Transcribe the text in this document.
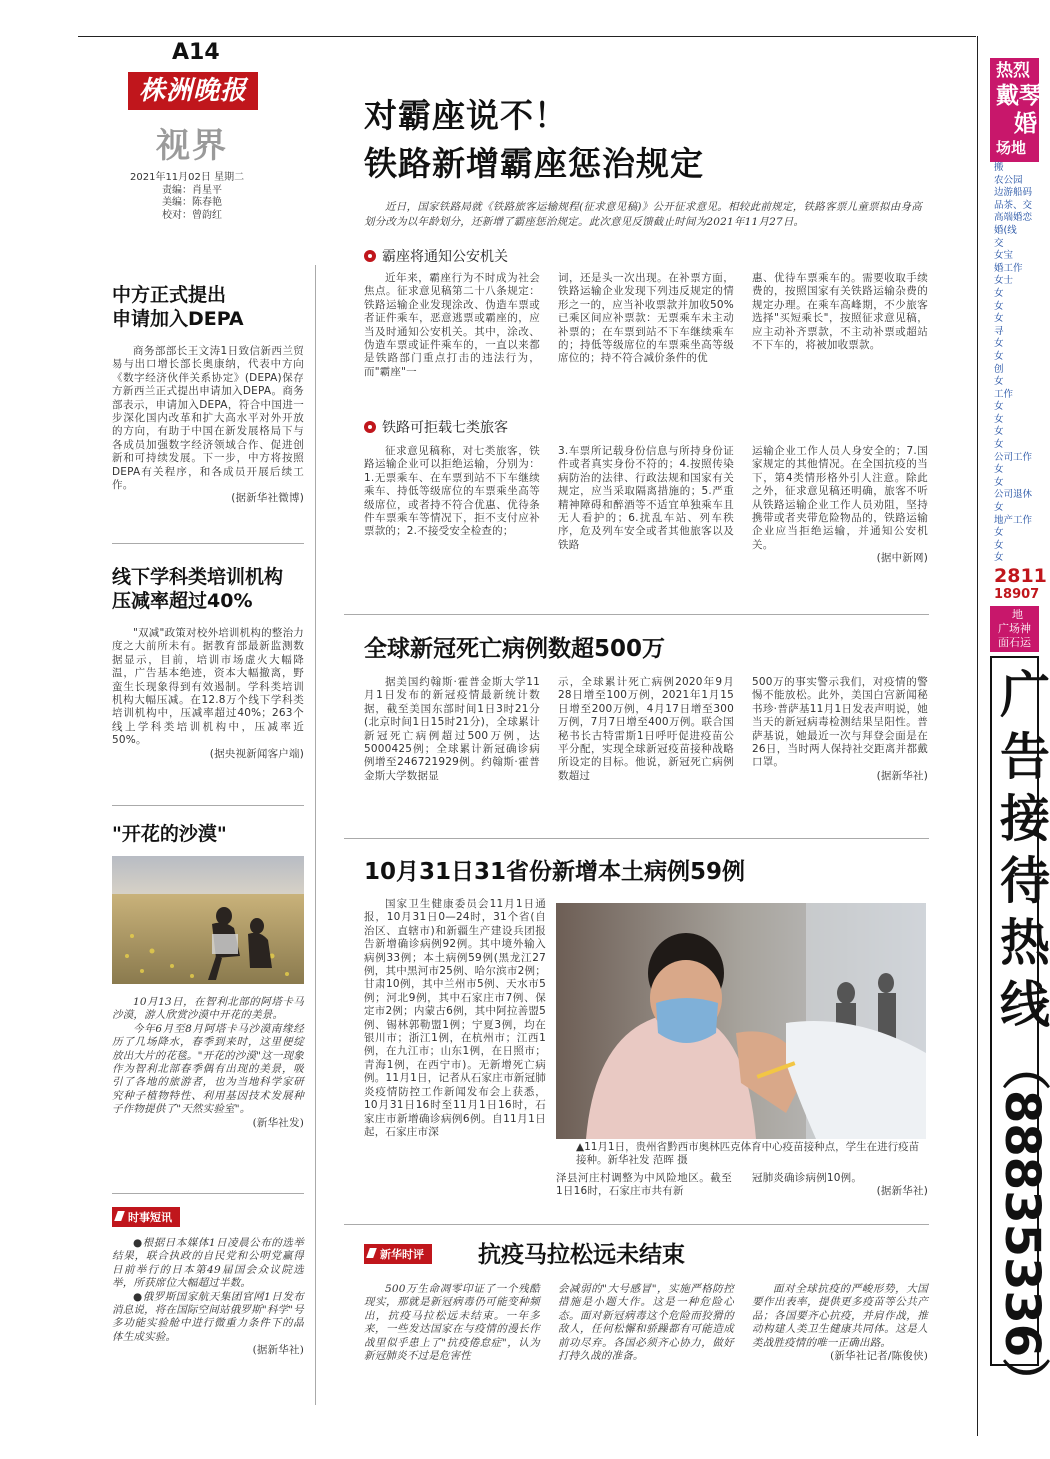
A14
株洲晚报
视界
2021年11月02日 星期二
责编：肖星平
美编：陈春艳
校对：曾韵红
中方正式提出
申请加入DEPA

商务部部长王文涛1日致信新西兰贸易与出口增长部长奥康纳，代表中方向《数字经济伙伴关系协定》(DEPA)保存方新西兰正式提出申请加入DEPA。商务部表示，申请加入DEPA，符合中国进一步深化国内改革和扩大高水平对外开放的方向，有助于中国在新发展格局下与各成员加强数字经济领域合作、促进创新和可持续发展。下一步，中方将按照DEPA有关程序，和各成员开展后续工作。

(据新华社微博)
线下学科类培训机构
压减率超过40%

"双减"政策对校外培训机构的整治力度之大前所未有。据教育部最新监测数据显示，目前，培训市场虚火大幅降温，广告基本绝迹，资本大幅撤离，野蛮生长现象得到有效遏制。学科类培训机构大幅压减。在12.8万个线下学科类培训机构中，压减率超过40%；263个线上学科类培训机构中，压减率近50%。

(据央视新闻客户端)
"开花的沙漠"

10月13日，在智利北部的阿塔卡马沙漠，游人欣赏沙漠中开花的美景。

今年6月至8月阿塔卡马沙漠南缘经历了几场降水，春季到来时，这里便绽放出大片的花毯。"开花的沙漠"这一现象作为智利北部春季偶有出现的美景，吸引了各地的旅游者，也为当地科学家研究种子植物特性、利用基因技术发展种子作物提供了"天然实验室"。

(新华社发)
时事短讯

●根据日本媒体1日凌晨公布的选举结果，联合执政的自民党和公明党赢得日前举行的日本第49届国会众议院选举，所获席位大幅超过半数。

●俄罗斯国家航天集团官网1日发布消息说，将在国际空间站俄罗斯"科学"号多功能实验舱中进行微重力条件下的晶体生成实验。

(据新华社)
对霸座说不！
铁路新增霸座惩治规定

近日，国家铁路局就《铁路旅客运输规程(征求意见稿)》公开征求意见。相较此前规定，铁路客票儿童票拟由身高划分改为以年龄划分，还新增了霸座惩治规定。此次意见反馈截止时间为2021年11月27日。

霸座将通知公安机关

近年来，霸座行为不时成为社会焦点。征求意见稿第二十八条规定：铁路运输企业发现涂改、伪造车票或者证件乘车，恶意逃票或霸座的，应当及时通知公安机关。其中，涂改、伪造车票或证件乘车的，一直以来都是铁路部门重点打击的违法行为，而"霸座"一

词，还是头一次出现。在补票方面，铁路运输企业发现下列违反规定的情形之一的，应当补收票款并加收50%已乘区间应补票款：无票乘车未主动补票的；在车票到站不下车继续乘车的；持低等级席位的车票乘坐高等级席位的；持不符合减价条件的优

惠、优待车票乘车的。需要收取手续费的，按照国家有关铁路运输杂费的规定办理。在乘车高峰期，不少旅客选择"买短乘长"，按照征求意见稿，应主动补齐票款，不主动补票或超站不下车的，将被加收票款。

铁路可拒载七类旅客

征求意见稿称，对七类旅客，铁路运输企业可以拒绝运输，分别为：1.无票乘车、在车票到站不下车继续乘车、持低等级席位的车票乘坐高等级席位，或者持不符合优惠、优待条件车票乘车等情况下，拒不支付应补票款的；2.不接受安全检查的；

3.车票所记载身份信息与所持身份证件或者真实身份不符的；4.按照传染病防治的法律、行政法规和国家有关规定，应当采取隔离措施的；5.严重精神障碍和醉酒等不适宜单独乘车且无人看护的；6.扰乱车站、列车秩序，危及列车安全或者其他旅客以及铁路

运输企业工作人员人身安全的；7.国家规定的其他情况。在全国抗疫的当下，第4类情形格外引人注意。除此之外，征求意见稿还明确，旅客不听从铁路运输企业工作人员劝阻，坚持携带或者夹带危险物品的，铁路运输企业应当拒绝运输，并通知公安机关。

(据中新网)
全球新冠死亡病例数超500万

据美国约翰斯·霍普金斯大学11月1日发布的新冠疫情最新统计数据，截至美国东部时间1日3时21分(北京时间1日15时21分)，全球累计新冠死亡病例超过500万例，达5000425例；全球累计新冠确诊病例增至246721929例。约翰斯·霍普金斯大学数据显

示，全球累计死亡病例2020年9月28日增至100万例，2021年1月15日增至200万例，4月17日增至300万例，7月7日增至400万例。联合国秘书长古特雷斯1日呼吁促进疫苗公平分配，实现全球新冠疫苗接种战略所设定的目标。他说，新冠死亡病例数超过

500万的事实警示我们，对疫情的警惕不能放松。此外，美国白宫新闻秘书珍·普萨基11月1日发表声明说，她当天的新冠病毒检测结果呈阳性。普萨基说，她最近一次与拜登会面是在26日，当时两人保持社交距离并都戴口罩。

(据新华社)
10月31日31省份新增本土病例59例

国家卫生健康委员会11月1日通报，10月31日0—24时，31个省(自治区、直辖市)和新疆生产建设兵团报告新增确诊病例92例。其中境外输入病例33例；本土病例59例(黑龙江27例，其中黑河市25例、哈尔滨市2例；甘肃10例，其中兰州市5例、天水市5例；河北9例，其中石家庄市7例、保定市2例；内蒙古6例，其中阿拉善盟5例、锡林郭勒盟1例；宁夏3例，均在银川市；浙江1例，在杭州市；江西1例，在九江市；山东1例，在日照市；青海1例，在西宁市)。无新增死亡病例。11月1日，记者从石家庄市新冠肺炎疫情防控工作新闻发布会上获悉，10月31日16时至11月1日16时，石家庄市新增确诊病例6例。自11月1日起，石家庄市深

▲11月1日，贵州省黔西市奥林匹克体育中心疫苗接种点，学生在进行疫苗接种。新华社发 范晖 摄

泽县河庄村调整为中风险地区。截至1日16时，石家庄市共有新

冠肺炎确诊病例10例。

(据新华社)
新华时评 抗疫马拉松远未结束

500万生命凋零印证了一个残酷现实，那就是新冠病毒仍可能变种频出，抗疫马拉松远未结束。一年多来，一些发达国家在与疫情的漫长作战里似乎患上了"抗疫倦怠症"，认为新冠肺炎不过是危害性

会减弱的"大号感冒"，实施严格防控措施是小题大作。这是一种危险心态。面对新冠病毒这个危险而狡猾的敌人，任何松懈和骄躁都有可能造成前功尽弃。各国必须齐心协力，做好打持久战的准备。

面对全球抗疫的严峻形势，大国要作出表率，提供更多疫苗等公共产品；各国要齐心抗疫，并肩作战，推动构建人类卫生健康共同体。这是人类战胜疫情的唯一正确出路。

(新华社记者/陈俊侠)
热烈
戴琴
婚
场地
搬
农公园
边游船码
品茶、交
高端婚恋
婚(线
交
女宝
婚工作
女士
女
女
女
寻
女
女
创
女
工作
女
女
女
女
公司工作
女
女
公司退休
女
地产工作
女
女
女
2811
18907
地
广场神
面石运
广
告
接
待
热
线
（88835336）
